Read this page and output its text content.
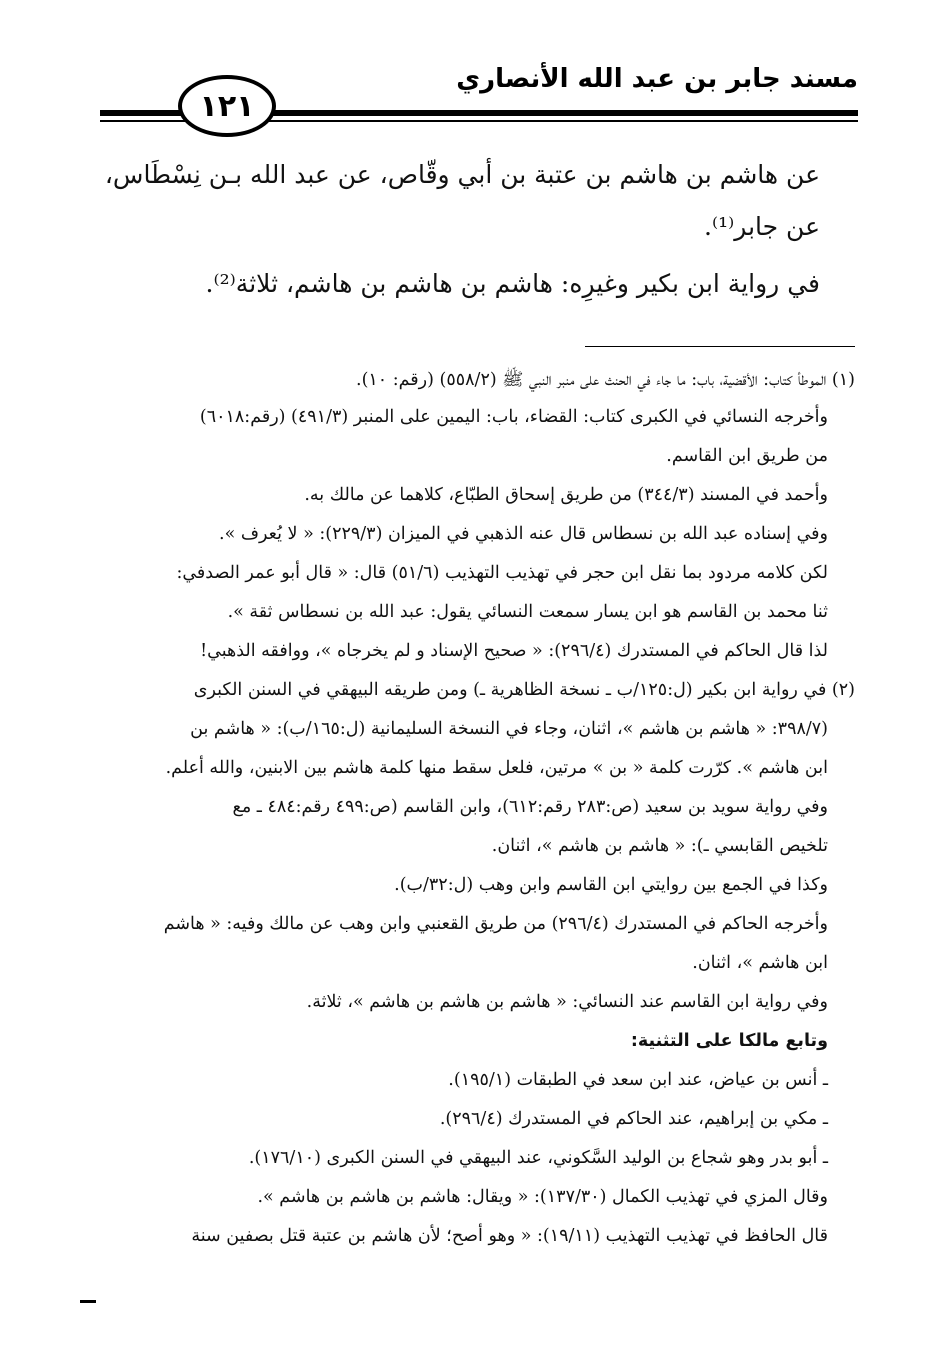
مسند جابر بن عبد الله الأنصاري
١٢١
عن هاشم بن هاشم بن عتبة بن أبي وقّاص، عن عبد الله بـن نِسْطَاس،
عن جابر⁽¹⁾.
في رواية ابن بكير وغيرِه: هاشم بن هاشم بن هاشم، ثلاثة⁽²⁾.
(١) الموطأ كتاب: الأقضية، باب: ما جاء في الحنث على منبر النبي ﷺ (٥٥٨/٢) (رقم: ١٠).
وأخرجه النسائي في الكبرى كتاب: القضاء، باب: اليمين على المنبر (٤٩١/٣) (رقم:٦٠١٨)
من طريق ابن القاسم.
وأحمد في المسند (٣٤٤/٣) من طريق إسحاق الطبّاع، كلاهما عن مالك به.
وفي إسناده عبد الله بن نسطاس قال عنه الذهبي في الميزان (٢٢٩/٣): « لا يُعرف ».
لكن كلامه مردود بما نقل ابن حجر في تهذيب التهذيب (٥١/٦) قال: « قال أبو عمر الصدفي:
ثنا محمد بن القاسم هو ابن يسار سمعت النسائي يقول: عبد الله بن نسطاس ثقة ».
لذا قال الحاكم في المستدرك (٢٩٦/٤): « صحيح الإسناد و لم يخرجاه »، ووافقه الذهبي!
(٢) في رواية ابن بكير (ل:١٢٥/ب ـ نسخة الظاهرية ـ) ومن طريقه البيهقي في السنن الكبرى
(٣٩٨/٧: « هاشم بن هاشم »، اثنان، وجاء في النسخة السليمانية (ل:١٦٥/ب): « هاشم بن
ابن هاشم ». كرّرت كلمة « بن » مرتين، فلعل سقط منها كلمة هاشم بين الابنين، والله أعلم.
وفي رواية سويد بن سعيد (ص:٢٨٣ رقم:٦١٢)، وابن القاسم (ص:٤٩٩ رقم:٤٨٤ ـ مع
تلخيص القابسي ـ): « هاشم بن هاشم »، اثنان.
وكذا في الجمع بين روايتي ابن القاسم وابن وهب (ل:٣٢/ب).
وأخرجه الحاكم في المستدرك (٢٩٦/٤) من طريق القعنبي وابن وهب عن مالك وفيه: « هاشم
ابن هاشم »، اثنان.
وفي رواية ابن القاسم عند النسائي: « هاشم بن هاشم بن هاشم »، ثلاثة.
وتابع مالكا على التثنية:
ـ أنس بن عياض، عند ابن سعد في الطبقات (١٩٥/١).
ـ مكي بن إبراهيم، عند الحاكم في المستدرك (٢٩٦/٤).
ـ أبو بدر وهو شجاع بن الوليد السَّكوني، عند البيهقي في السنن الكبرى (١٧٦/١٠).
وقال المزي في تهذيب الكمال (١٣٧/٣٠): « ويقال: هاشم بن هاشم بن هاشم ».
قال الحافظ في تهذيب التهذيب (١٩/١١): « وهو أصح؛ لأن هاشم بن عتبة قتل بصفين سنة
